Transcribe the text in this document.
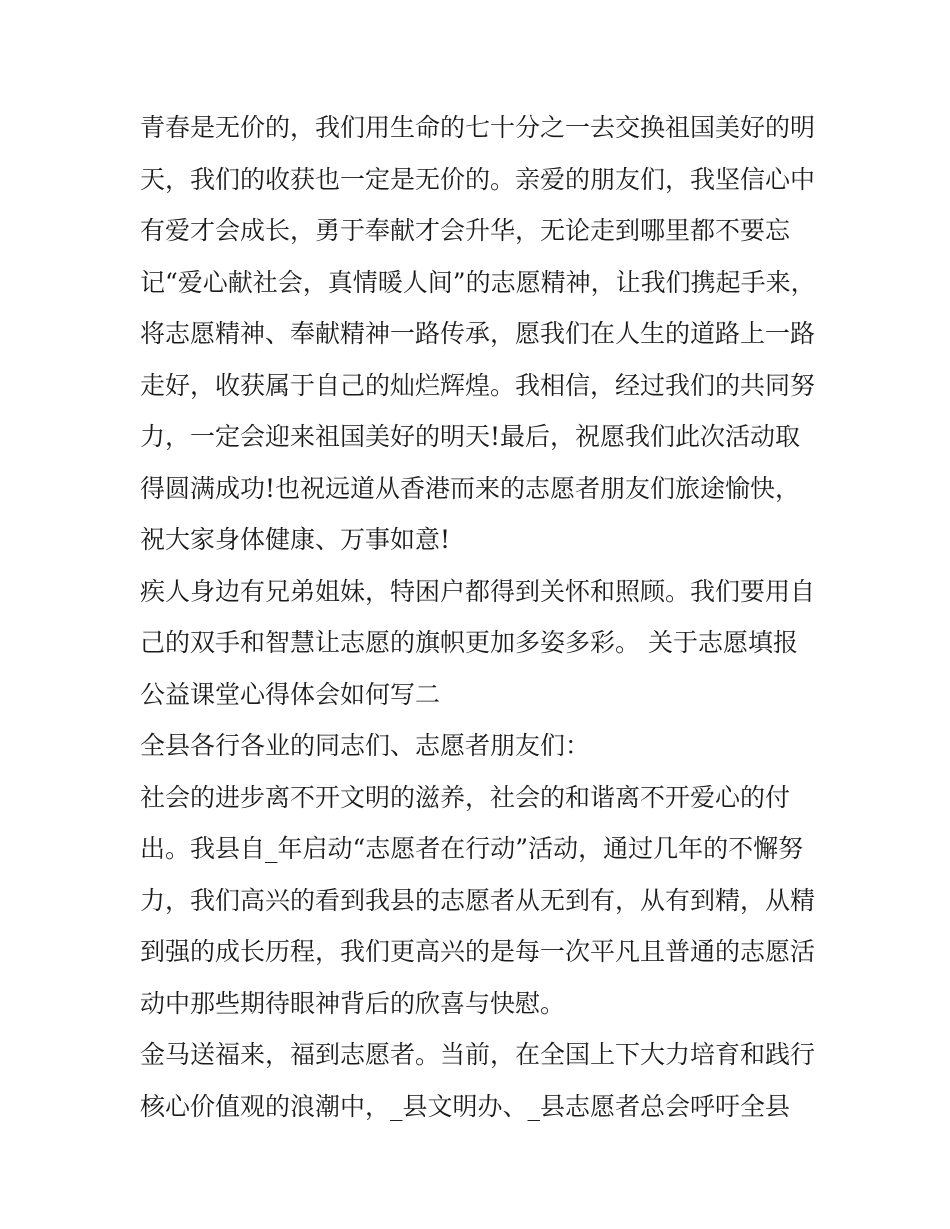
青春是无价的，我们用生命的七十分之一去交换祖国美好的明
天，我们的收获也一定是无价的。亲爱的朋友们，我坚信心中
有爱才会成长，勇于奉献才会升华，无论走到哪里都不要忘
记“爱心献社会，真情暖人间”的志愿精神，让我们携起手来，
将志愿精神、奉献精神一路传承，愿我们在人生的道路上一路
走好，收获属于自己的灿烂辉煌。我相信，经过我们的共同努
力，一定会迎来祖国美好的明天!最后，祝愿我们此次活动取
得圆满成功!也祝远道从香港而来的志愿者朋友们旅途愉快，
祝大家身体健康、万事如意!
疾人身边有兄弟姐妹，特困户都得到关怀和照顾。我们要用自
己的双手和智慧让志愿的旗帜更加多姿多彩。 关于志愿填报
公益课堂心得体会如何写二
全县各行各业的同志们、志愿者朋友们：
社会的进步离不开文明的滋养，社会的和谐离不开爱心的付
出。我县自_年启动“志愿者在行动”活动，通过几年的不懈努
力，我们高兴的看到我县的志愿者从无到有，从有到精，从精
到强的成长历程，我们更高兴的是每一次平凡且普通的志愿活
动中那些期待眼神背后的欣喜与快慰。
金马送福来，福到志愿者。当前，在全国上下大力培育和践行
核心价值观的浪潮中，_县文明办、_县志愿者总会呼吁全县
